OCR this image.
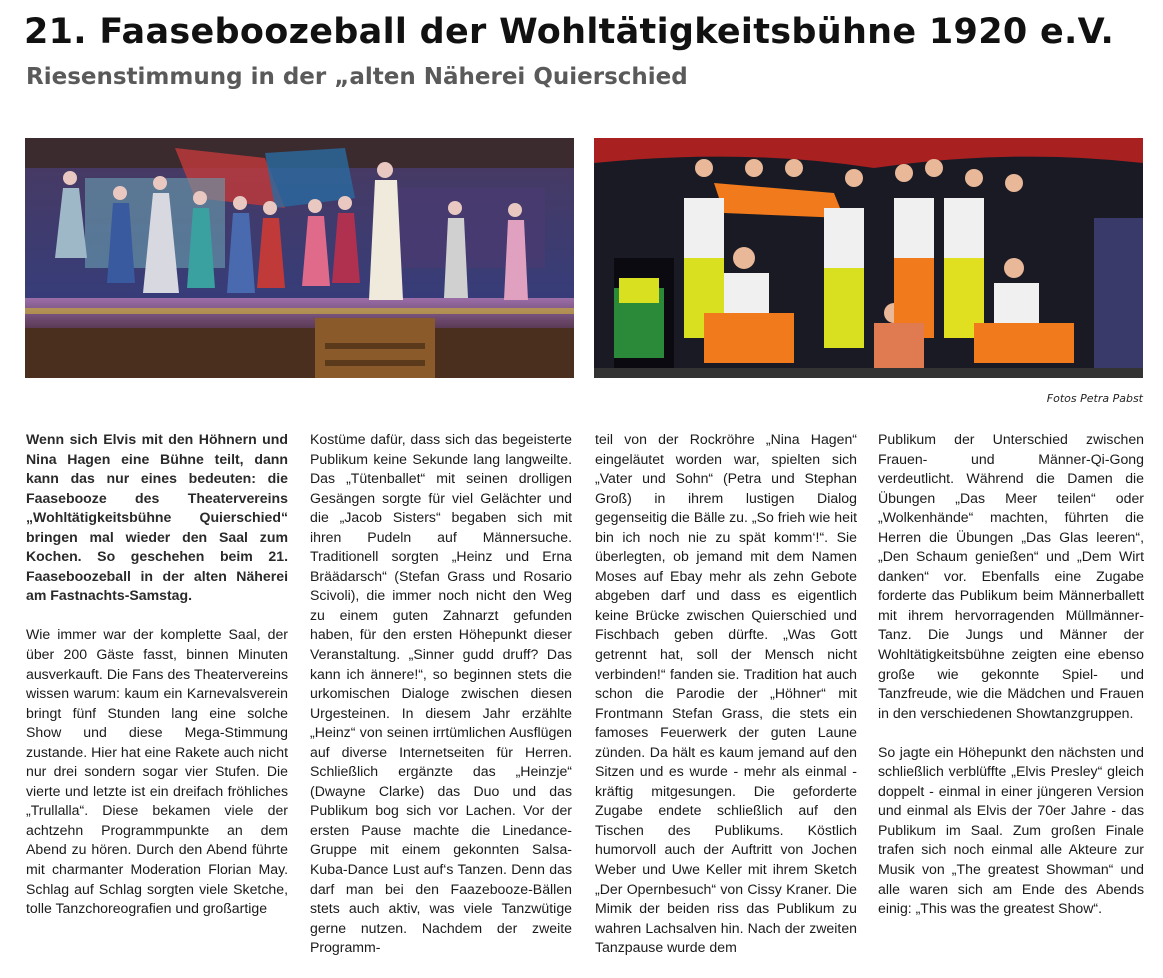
21. Faaseboozeball der Wohltätigkeitsbühne 1920 e.V.
Riesenstimmung in der „alten Näherei Quierschied
Fotos Petra Pabst

Wenn sich Elvis mit den Höhnern und Nina Hagen eine Bühne teilt, dann kann das nur eines bedeuten: die Faasebooze des Theatervereins „Wohltätigkeitsbühne Quierschied“ bringen mal wieder den Saal zum Kochen. So geschehen beim 21. Faaseboozeball in der alten Näherei am Fastnachts-Samstag.

Wie immer war der komplette Saal, der über 200 Gäste fasst, binnen Minuten ausverkauft. Die Fans des Theatervereins wissen warum: kaum ein Karnevalsverein bringt fünf Stunden lang eine solche Show und diese Mega-Stimmung zustande. Hier hat eine Rakete auch nicht nur drei sondern sogar vier Stufen. Die vierte und letzte ist ein dreifach fröhliches „Trullalla“. Diese bekamen viele der achtzehn Programmpunkte an dem Abend zu hören. Durch den Abend führte mit charmanter Moderation Florian May. Schlag auf Schlag sorgten viele Sketche, tolle Tanzchoreografien und großartige

Kostüme dafür, dass sich das begeisterte Publikum keine Sekunde lang langweilte. Das „Tütenballet“ mit seinen drolligen Gesängen sorgte für viel Gelächter und die „Jacob Sisters“ begaben sich mit ihren Pudeln auf Männersuche. Traditionell sorgten „Heinz und Erna Bräädarsch“ (Stefan Grass und Rosario Scivoli), die immer noch nicht den Weg zu einem guten Zahnarzt gefunden haben, für den ersten Höhepunkt dieser Veranstaltung. „Sinner gudd druff? Das kann ich ännere!“, so beginnen stets die urkomischen Dialoge zwischen diesen Urgesteinen. In diesem Jahr erzählte „Heinz“ von seinen irrtümlichen Ausflügen auf diverse Internetseiten für Herren. Schließlich ergänzte das „Heinzje“ (Dwayne Clarke) das Duo und das Publikum bog sich vor Lachen. Vor der ersten Pause machte die Linedance-Gruppe mit einem gekonnten Salsa-Kuba-Dance Lust auf‘s Tanzen. Denn das darf man bei den Faazebooze-Bällen stets auch aktiv, was viele Tanzwütige gerne nutzen. Nachdem der zweite Programm-

teil von der Rockröhre „Nina Hagen“ eingeläutet worden war, spielten sich „Vater und Sohn“ (Petra und Stephan Groß) in ihrem lustigen Dialog gegenseitig die Bälle zu. „So frieh wie heit bin ich noch nie zu spät komm‘!“. Sie überlegten, ob jemand mit dem Namen Moses auf Ebay mehr als zehn Gebote abgeben darf und dass es eigentlich keine Brücke zwischen Quierschied und Fischbach geben dürfte. „Was Gott getrennt hat, soll der Mensch nicht verbinden!“ fanden sie. Tradition hat auch schon die Parodie der „Höhner“ mit Frontmann Stefan Grass, die stets ein famoses Feuerwerk der guten Laune zünden. Da hält es kaum jemand auf den Sitzen und es wurde - mehr als einmal - kräftig mitgesungen. Die geforderte Zugabe endete schließlich auf den Tischen des Publikums. Köstlich humorvoll auch der Auftritt von Jochen Weber und Uwe Keller mit ihrem Sketch „Der Opernbesuch“ von Cissy Kraner. Die Mimik der beiden riss das Publikum zu wahren Lachsalven hin. Nach der zweiten Tanzpause wurde dem

Publikum der Unterschied zwischen Frauen- und Männer-Qi-Gong verdeutlicht. Während die Damen die Übungen „Das Meer teilen“ oder „Wolkenhände“ machten, führten die Herren die Übungen „Das Glas leeren“, „Den Schaum genießen“ und „Dem Wirt danken“ vor. Ebenfalls eine Zugabe forderte das Publikum beim Männerballett mit ihrem hervorragenden Müllmänner-Tanz. Die Jungs und Männer der Wohltätigkeitsbühne zeigten eine ebenso große wie gekonnte Spiel- und Tanzfreude, wie die Mädchen und Frauen in den verschiedenen Showtanzgruppen.

So jagte ein Höhepunkt den nächsten und schließlich verblüffte „Elvis Presley“ gleich doppelt - einmal in einer jüngeren Version und einmal als Elvis der 70er Jahre - das Publikum im Saal. Zum großen Finale trafen sich noch einmal alle Akteure zur Musik von „The greatest Showman“ und alle waren sich am Ende des Abends einig: „This was the greatest Show“.
